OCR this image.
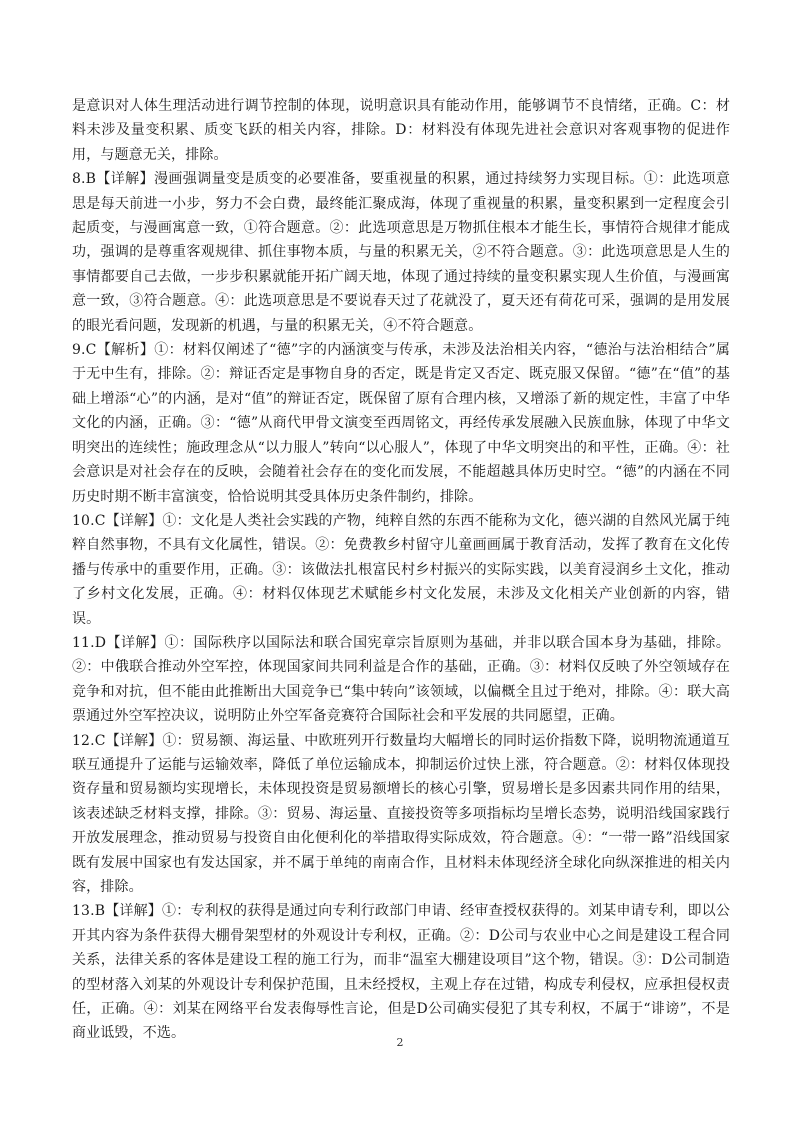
是意识对人体生理活动进行调节控制的体现，说明意识具有能动作用，能够调节不良情绪，正确。C：材料未涉及量变积累、质变飞跃的相关内容，排除。D：材料没有体现先进社会意识对客观事物的促进作用，与题意无关，排除。

8.B【详解】漫画强调量变是质变的必要准备，要重视量的积累，通过持续努力实现目标。①：此选项意思是每天前进一小步，努力不会白费，最终能汇聚成海，体现了重视量的积累，量变积累到一定程度会引起质变，与漫画寓意一致，①符合题意。②：此选项意思是万物抓住根本才能生长，事情符合规律才能成功，强调的是尊重客观规律、抓住事物本质，与量的积累无关，②不符合题意。③：此选项意思是人生的事情都要自己去做，一步步积累就能开拓广阔天地，体现了通过持续的量变积累实现人生价值，与漫画寓意一致，③符合题意。④：此选项意思是不要说春天过了花就没了，夏天还有荷花可采，强调的是用发展的眼光看问题，发现新的机遇，与量的积累无关，④不符合题意。

9.C【解析】①：材料仅阐述了“德”字的内涵演变与传承，未涉及法治相关内容，“德治与法治相结合”属于无中生有，排除。②：辩证否定是事物自身的否定，既是肯定又否定、既克服又保留。“德”在“值”的基础上增添“心”的内涵，是对“值”的辩证否定，既保留了原有合理内核，又增添了新的规定性，丰富了中华文化的内涵，正确。③：“德”从商代甲骨文演变至西周铭文，再经传承发展融入民族血脉，体现了中华文明突出的连续性；施政理念从“以力服人”转向“以心服人”，体现了中华文明突出的和平性，正确。④：社会意识是对社会存在的反映，会随着社会存在的变化而发展，不能超越具体历史时空。“德”的内涵在不同历史时期不断丰富演变，恰恰说明其受具体历史条件制约，排除。

10.C【详解】①：文化是人类社会实践的产物，纯粹自然的东西不能称为文化，德兴湖的自然风光属于纯粹自然事物，不具有文化属性，错误。②：免费教乡村留守儿童画画属于教育活动，发挥了教育在文化传播与传承中的重要作用，正确。③：该做法扎根富民村乡村振兴的实际实践，以美育浸润乡土文化，推动了乡村文化发展，正确。④：材料仅体现艺术赋能乡村文化发展，未涉及文化相关产业创新的内容，错误。

11.D【详解】①：国际秩序以国际法和联合国宪章宗旨原则为基础，并非以联合国本身为基础，排除。②：中俄联合推动外空军控，体现国家间共同利益是合作的基础，正确。③：材料仅反映了外空领域存在竞争和对抗，但不能由此推断出大国竞争已“集中转向”该领域，以偏概全且过于绝对，排除。④：联大高票通过外空军控决议，说明防止外空军备竞赛符合国际社会和平发展的共同愿望，正确。

12.C【详解】①：贸易额、海运量、中欧班列开行数量均大幅增长的同时运价指数下降，说明物流通道互联互通提升了运能与运输效率，降低了单位运输成本，抑制运价过快上涨，符合题意。②：材料仅体现投资存量和贸易额均实现增长，未体现投资是贸易额增长的核心引擎，贸易增长是多因素共同作用的结果，该表述缺乏材料支撑，排除。③：贸易、海运量、直接投资等多项指标均呈增长态势，说明沿线国家践行开放发展理念，推动贸易与投资自由化便利化的举措取得实际成效，符合题意。④：“一带一路”沿线国家既有发展中国家也有发达国家，并不属于单纯的南南合作，且材料未体现经济全球化向纵深推进的相关内容，排除。

13.B【详解】①：专利权的获得是通过向专利行政部门申请、经审查授权获得的。刘某申请专利，即以公开其内容为条件获得大棚骨架型材的外观设计专利权，正确。②：D公司与农业中心之间是建设工程合同关系，法律关系的客体是建设工程的施工行为，而非“温室大棚建设项目”这个物，错误。③：D公司制造的型材落入刘某的外观设计专利保护范围，且未经授权，主观上存在过错，构成专利侵权，应承担侵权责任，正确。④：刘某在网络平台发表侮辱性言论，但是D公司确实侵犯了其专利权，不属于“诽谤”，不是商业诋毁，不选。

2
